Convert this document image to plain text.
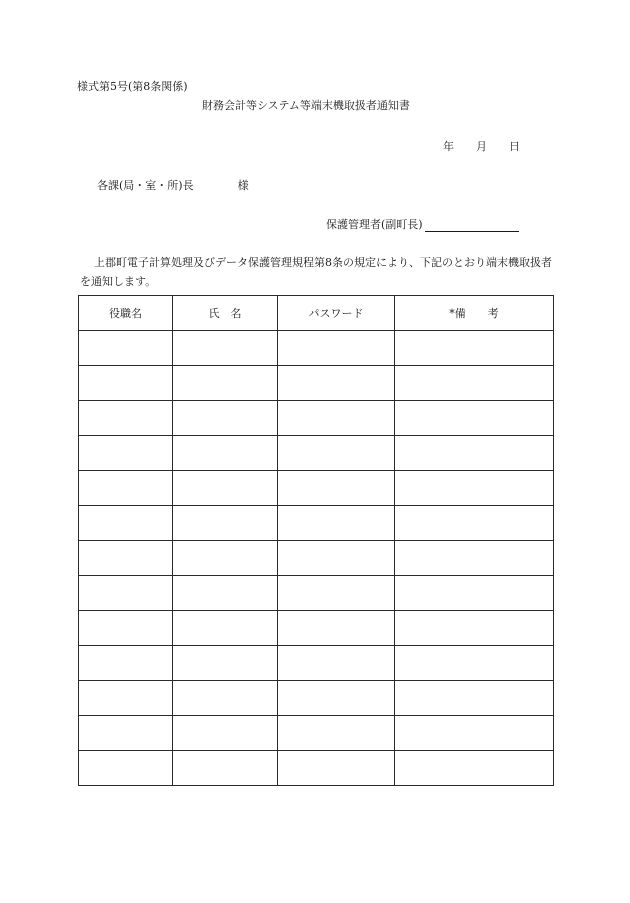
様式第5号(第8条関係)
財務会計等システム等端末機取扱者通知書
年 月 日
各課(局・室・所)長	様
保護管理者(副町長)
上郡町電子計算処理及びデータ保護管理規程第8条の規定により、下記のとおり端末機取扱者を通知します。
役職名	氏　名	パスワード	*備　　考
